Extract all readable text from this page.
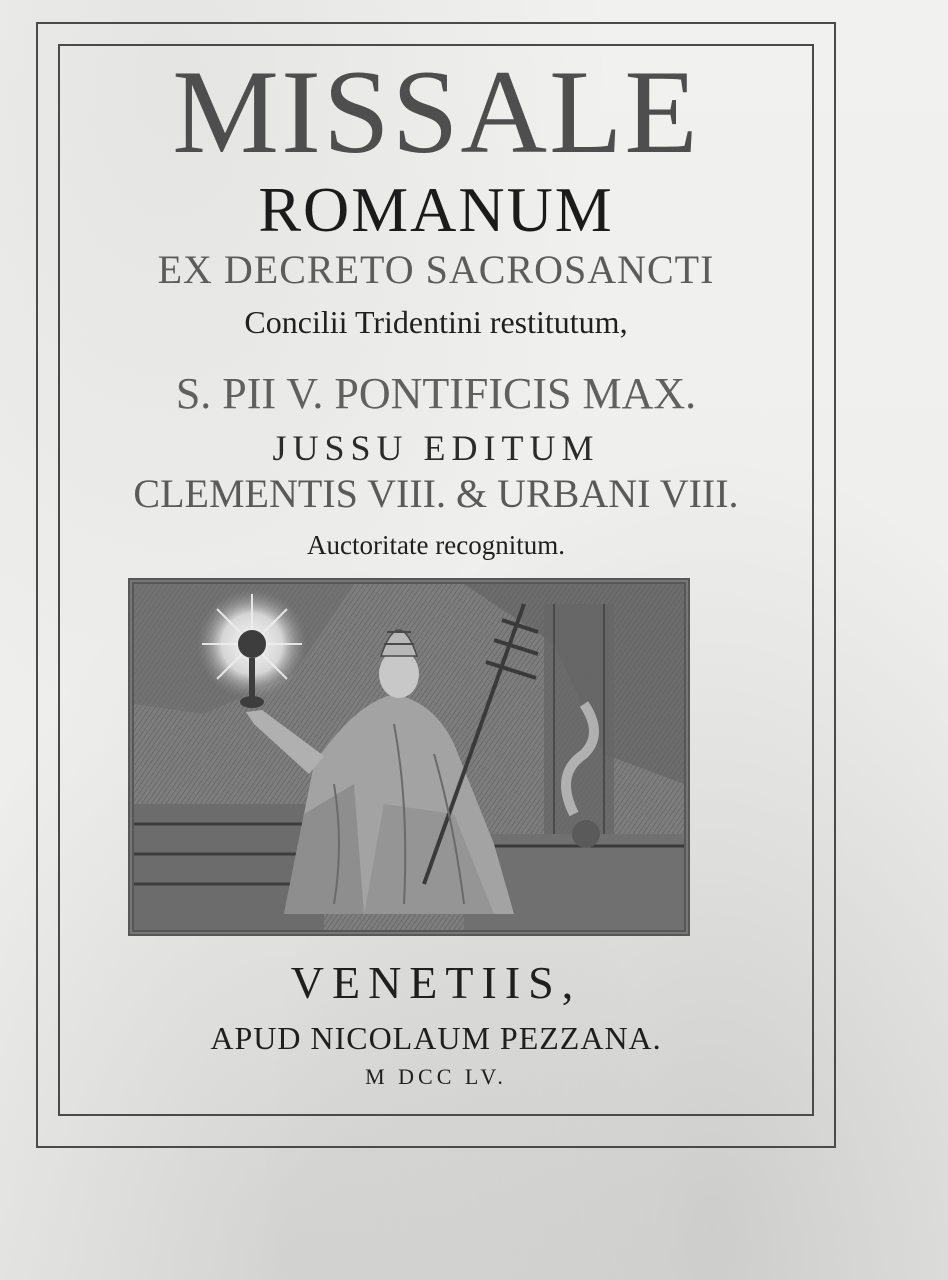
MISSALE
ROMANUM
EX DECRETO SACROSANCTI
Concilii Tridentini restitutum,
S. PII V. PONTIFICIS MAX.
JUSSU EDITUM
CLEMENTIS VIII. & URBANI VIII.
Auctoritate recognitum.
VENETIIS,
APUD NICOLAUM PEZZANA.
M DCC LV.
